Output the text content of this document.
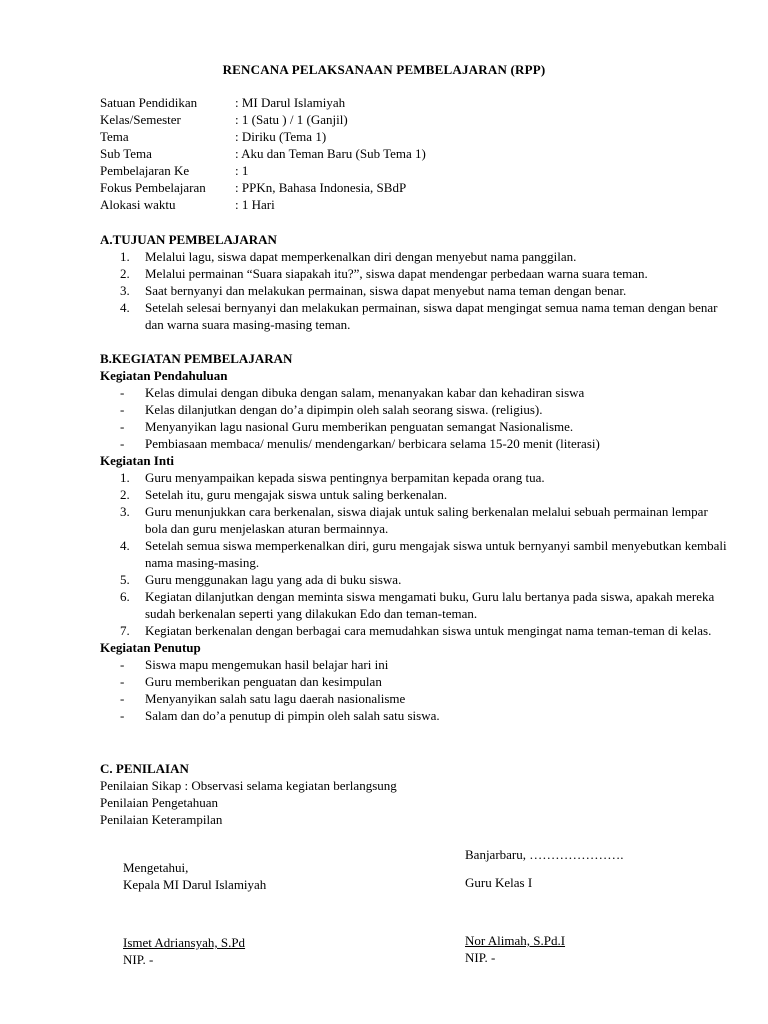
RENCANA PELAKSANAAN PEMBELAJARAN (RPP)
Satuan Pendidikan	: MI Darul Islamiyah
Kelas/Semester	: 1 (Satu ) / 1 (Ganjil)
Tema	: Diriku (Tema 1)
Sub Tema	: Aku dan Teman Baru (Sub Tema 1)
Pembelajaran Ke	: 1
Fokus Pembelajaran	: PPKn, Bahasa Indonesia, SBdP
Alokasi waktu	: 1 Hari
A.TUJUAN PEMBELAJARAN
1.	Melalui lagu, siswa dapat memperkenalkan diri dengan menyebut nama panggilan.
2.	Melalui permainan “Suara siapakah itu?”, siswa dapat mendengar perbedaan warna suara teman.
3.	Saat bernyanyi dan melakukan permainan, siswa dapat menyebut nama teman dengan benar.
4.	Setelah selesai bernyanyi dan melakukan permainan, siswa dapat mengingat semua nama teman dengan benar dan warna suara masing-masing teman.
B.KEGIATAN PEMBELAJARAN
Kegiatan Pendahuluan
-	Kelas dimulai dengan dibuka dengan salam, menanyakan kabar dan kehadiran siswa
-	Kelas dilanjutkan dengan do’a dipimpin oleh salah seorang siswa. (religius).
-	Menyanyikan lagu nasional Guru memberikan penguatan semangat Nasionalisme.
-	Pembiasaan membaca/ menulis/ mendengarkan/ berbicara selama 15-20 menit (literasi)
Kegiatan Inti
1.	Guru menyampaikan kepada siswa pentingnya berpamitan kepada orang tua.
2.	Setelah itu, guru mengajak siswa untuk saling berkenalan.
3.	Guru menunjukkan cara berkenalan, siswa diajak untuk saling berkenalan melalui sebuah permainan lempar bola dan guru menjelaskan aturan bermainnya.
4.	Setelah semua siswa memperkenalkan diri, guru mengajak siswa untuk bernyanyi sambil menyebutkan kembali nama masing-masing.
5.	Guru menggunakan lagu yang ada di buku siswa.
6.	Kegiatan dilanjutkan dengan meminta siswa mengamati buku, Guru lalu bertanya pada siswa, apakah mereka sudah berkenalan seperti yang dilakukan Edo dan teman-teman.
7.	Kegiatan berkenalan dengan berbagai cara memudahkan siswa untuk mengingat nama teman-teman di kelas.
Kegiatan Penutup
-	Siswa mapu mengemukan hasil belajar hari ini
-	Guru memberikan penguatan dan kesimpulan
-	Menyanyikan salah satu lagu daerah nasionalisme
-	Salam dan do’a penutup di pimpin oleh salah satu siswa.
C. PENILAIAN
Penilaian Sikap : Observasi selama kegiatan berlangsung
Penilaian Pengetahuan
Penilaian Keterampilan
Banjarbaru, ………………….
Mengetahui,
Kepala MI Darul Islamiyah	Guru Kelas I
Ismet Adriansyah, S.Pd
NIP. -
Nor Alimah, S.Pd.I
NIP. -
